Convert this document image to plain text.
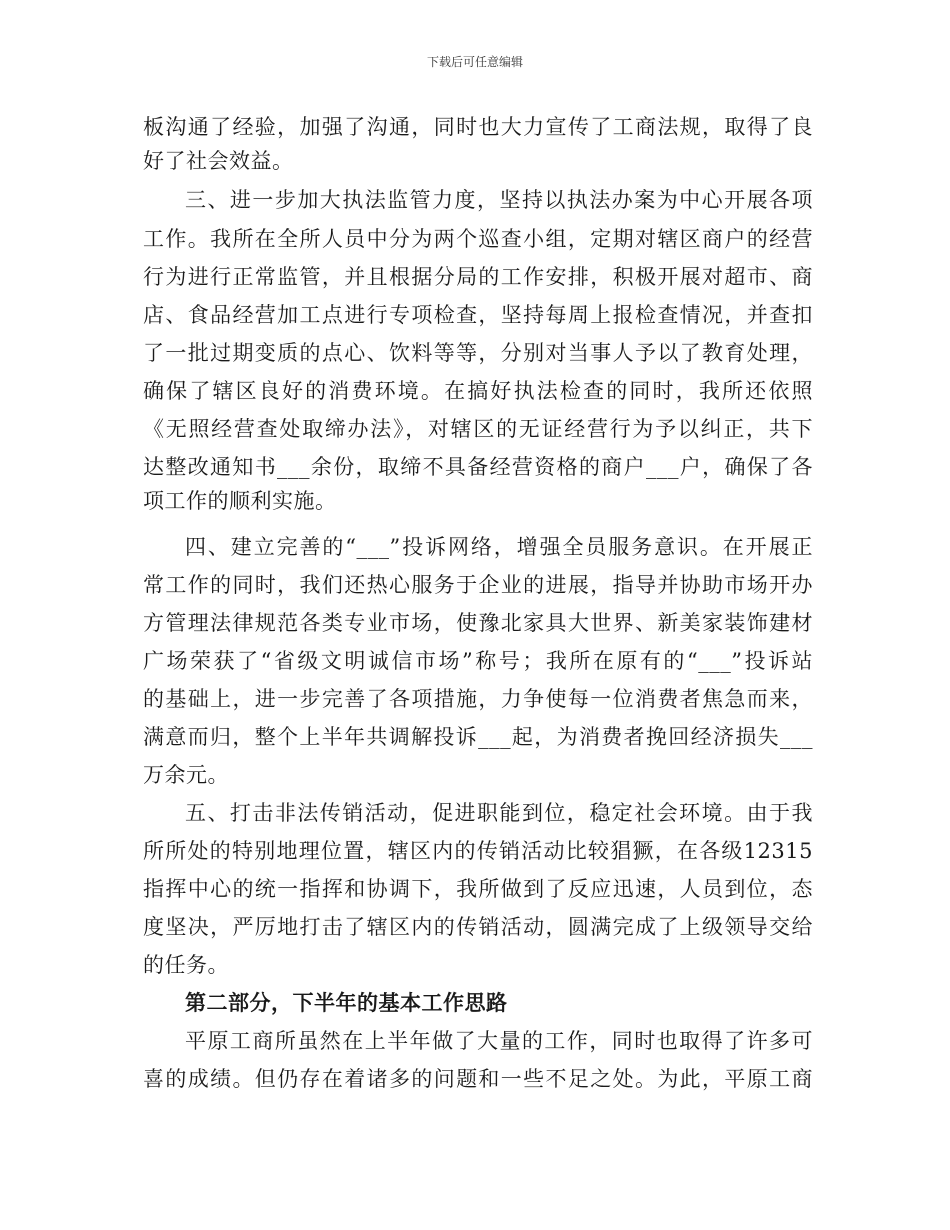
下载后可任意编辑
板沟通了经验，加强了沟通，同时也大力宣传了工商法规，取得了良
好了社会效益。
三、进一步加大执法监管力度，坚持以执法办案为中心开展各项
工作。我所在全所人员中分为两个巡查小组，定期对辖区商户的经营
行为进行正常监管，并且根据分局的工作安排，积极开展对超市、商
店、食品经营加工点进行专项检查，坚持每周上报检查情况，并查扣
了一批过期变质的点心、饮料等等，分别对当事人予以了教育处理，
确保了辖区良好的消费环境。在搞好执法检查的同时，我所还依照
《无照经营查处取缔办法》，对辖区的无证经营行为予以纠正，共下
达整改通知书___余份，取缔不具备经营资格的商户___户，确保了各
项工作的顺利实施。
四、建立完善的“___”投诉网络，增强全员服务意识。在开展正
常工作的同时，我们还热心服务于企业的进展，指导并协助市场开办
方管理法律规范各类专业市场，使豫北家具大世界、新美家装饰建材
广场荣获了“省级文明诚信市场”称号；我所在原有的“___”投诉站
的基础上，进一步完善了各项措施，力争使每一位消费者焦急而来，
满意而归，整个上半年共调解投诉___起，为消费者挽回经济损失___
万余元。
五、打击非法传销活动，促进职能到位，稳定社会环境。由于我
所所处的特别地理位置，辖区内的传销活动比较猖獗，在各级12315
指挥中心的统一指挥和协调下，我所做到了反应迅速，人员到位，态
度坚决，严厉地打击了辖区内的传销活动，圆满完成了上级领导交给
的任务。
第二部分，下半年的基本工作思路
平原工商所虽然在上半年做了大量的工作，同时也取得了许多可
喜的成绩。但仍存在着诸多的问题和一些不足之处。为此，平原工商
